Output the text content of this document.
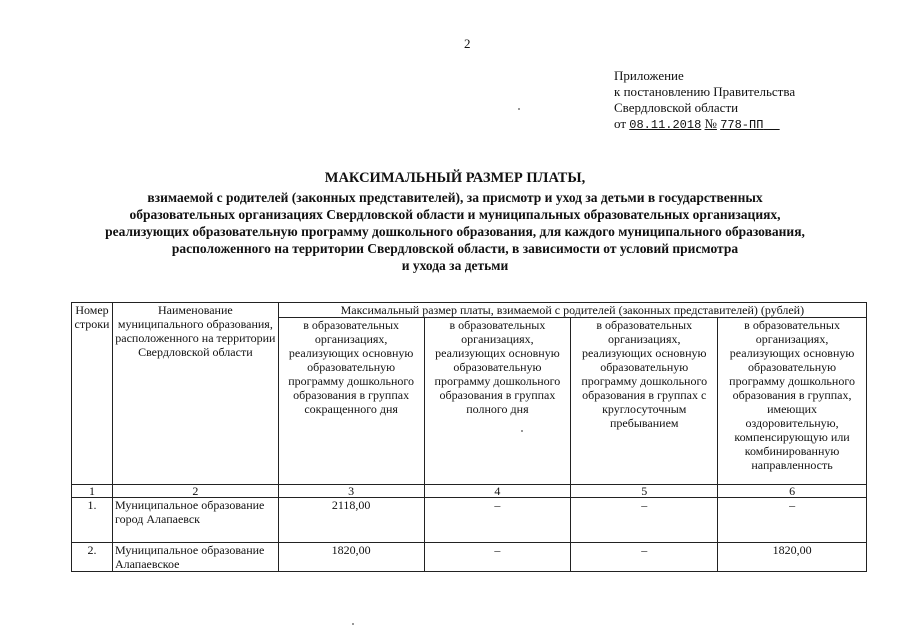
2
Приложение
к постановлению Правительства
Свердловской области
от 08.11.2018 № 778-ПП
МАКСИМАЛЬНЫЙ РАЗМЕР ПЛАТЫ,
взимаемой с родителей (законных представителей), за присмотр и уход за детьми в государственных
образовательных организациях Свердловской области и муниципальных образовательных организациях,
реализующих образовательную программу дошкольного образования, для каждого муниципального образования,
расположенного на территории Свердловской области, в зависимости от условий присмотра
и ухода за детьми
Номер строки	Наименование муниципального образования, расположенного на территории Свердловской области	Максимальный размер платы, взимаемой с родителей (законных представителей) (рублей)			
		в образовательных организациях, реализующих основную образовательную программу дошкольного образования в группах сокращенного дня	в образовательных организациях, реализующих основную образовательную программу дошкольного образования в группах полного дня	в образовательных организациях, реализующих основную образовательную программу дошкольного образования в группах с круглосуточным пребыванием	в образовательных организациях, реализующих основную образовательную программу дошкольного образования в группах, имеющих оздоровительную, компенсирующую или комбинированную направленность
1	2	3	4	5	6
1.	Муниципальное образование город Алапаевск	2118,00	–	–	–
2.	Муниципальное образование Алапаевское	1820,00	–	–	1820,00
